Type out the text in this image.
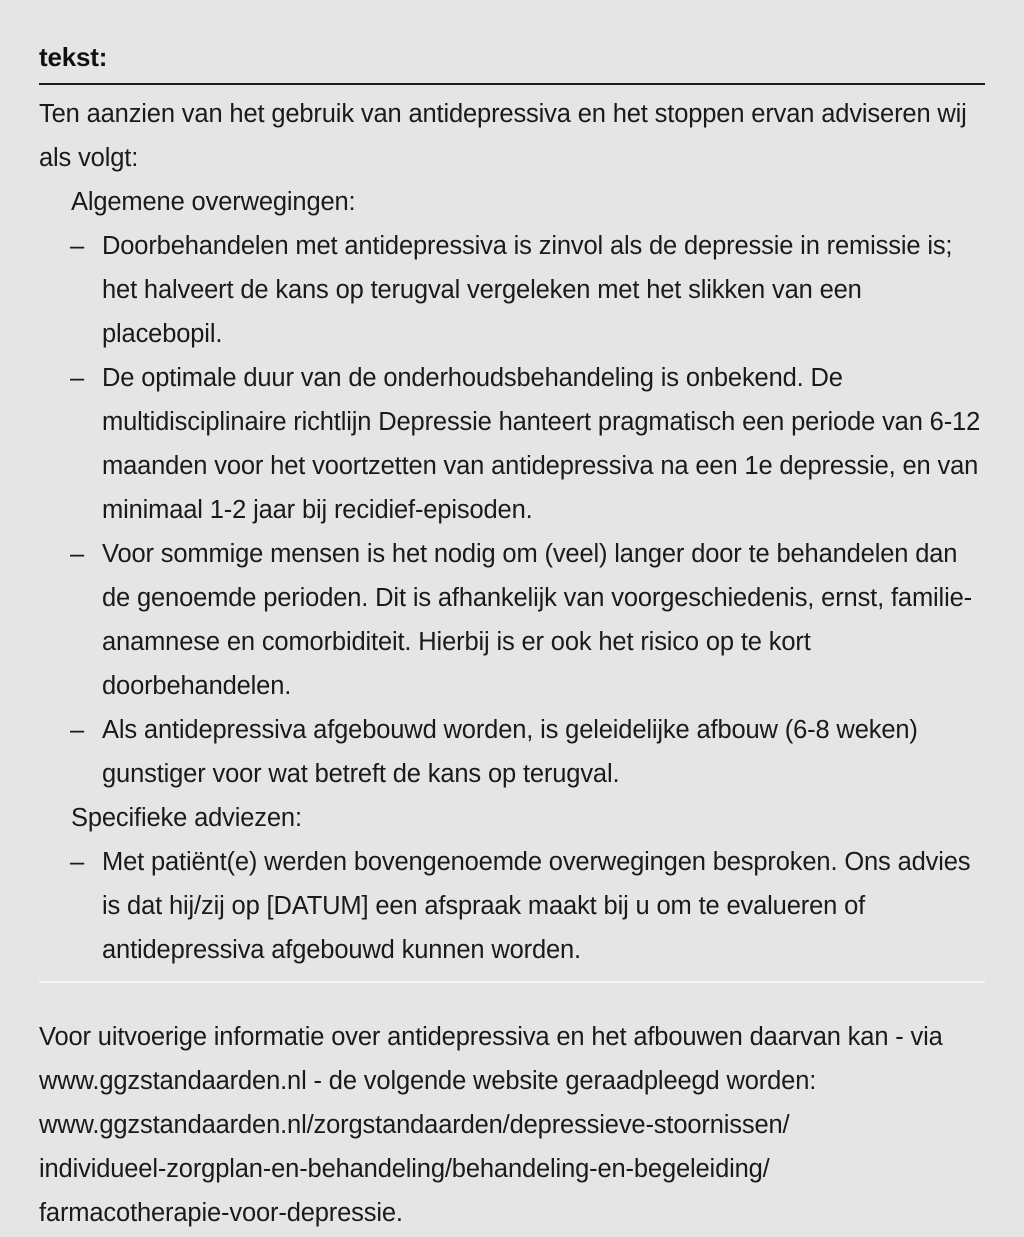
tekst:
Ten aanzien van het gebruik van antidepressiva en het stoppen ervan adviseren wij als volgt:
Algemene overwegingen:
– Doorbehandelen met antidepressiva is zinvol als de depressie in remissie is; het halveert de kans op terugval vergeleken met het slikken van een placebopil.
– De optimale duur van de onderhoudsbehandeling is onbekend. De multidisciplinaire richtlijn Depressie hanteert pragmatisch een periode van 6-12 maanden voor het voortzetten van antidepressiva na een 1e depressie, en van minimaal 1-2 jaar bij recidief-episoden.
– Voor sommige mensen is het nodig om (veel) langer door te behandelen dan de genoemde perioden. Dit is afhankelijk van voorgeschiedenis, ernst, familie-anamnese en comorbiditeit. Hierbij is er ook het risico op te kort doorbehandelen.
– Als antidepressiva afgebouwd worden, is geleidelijke afbouw (6-8 weken) gunstiger voor wat betreft de kans op terugval.
Specifieke adviezen:
– Met patiënt(e) werden bovengenoemde overwegingen besproken. Ons advies is dat hij/zij op [DATUM] een afspraak maakt bij u om te evalueren of antidepressiva afgebouwd kunnen worden.
Voor uitvoerige informatie over antidepressiva en het afbouwen daarvan kan - via www.ggzstandaarden.nl - de volgende website geraadpleegd worden:
www.ggzstandaarden.nl/zorgstandaarden/depressieve-stoornissen/
individueel-zorgplan-en-behandeling/behandeling-en-begeleiding/
farmacotherapie-voor-depressie.
